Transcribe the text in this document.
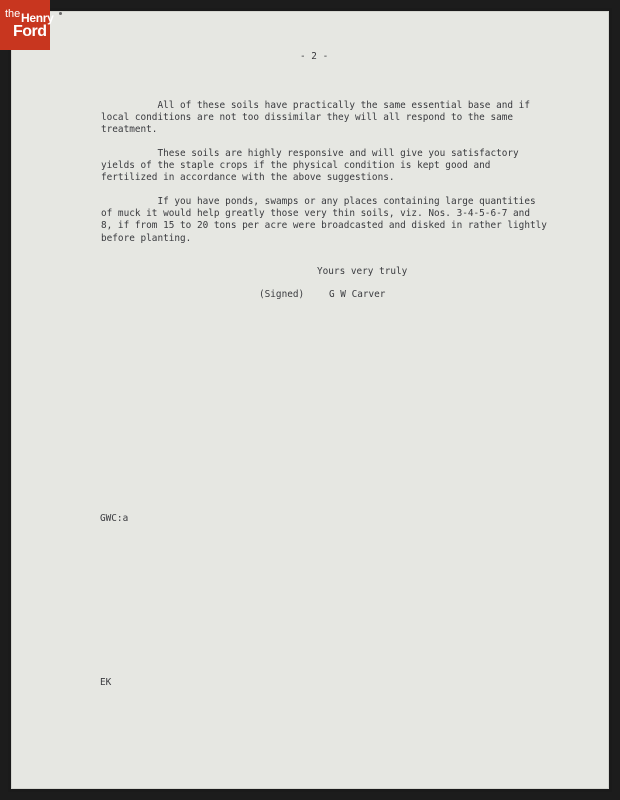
- 2 -
All of these soils have practically the same essential base and if
local conditions are not too dissimilar they will all respond to the same
treatment.
These soils are highly responsive and will give you satisfactory
yields of the staple crops if the physical condition is kept good and
fertilized in accordance with the above suggestions.
If you have ponds, swamps or any places containing large quantities
of muck it would help greatly those very thin soils, viz. Nos. 3-4-5-6-7 and
8, if from 15 to 20 tons per acre were broadcasted and disked in rather lightly
before planting.
Yours very truly
(Signed)	G W Carver
GWC:a
EK
the Henry
Ford
